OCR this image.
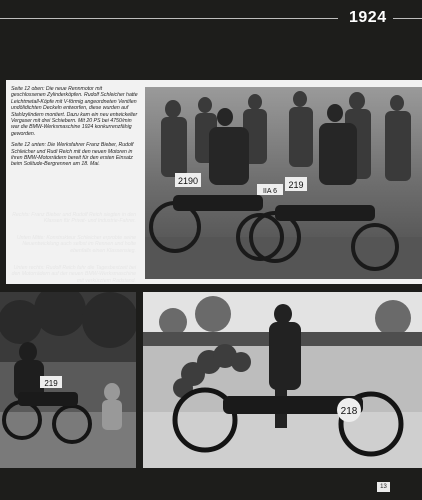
1924

Seite 12 oben: Die neue Rennmotor mit geschlossenen Zylinderköpfen. Rudolf Schleicher hatte Leichtmetall-Köpfe mit V-förmig angeordneten Ventilen undölidichten Deckeln entworfen, diese wurden auf Stahlzylindern montiert. Dazu kam ein neu entwickelter Vergaser mit drei Schiebern. Mit 20 PS bei 4750/min war die BMW-Werksmaschine 1924 konkurrenzfähig geworden.

Seite 12 unten: Die Werksfahrer Franz Bieber, Rudolf Schleicher und Rudi Reich mit den neuen Motoren in ihren BMW-Motorrädern bereit für den ersten Einsatz beim Solitude-Bergrennen am 18. Mai.

2190
IIA 6
219
Rechts: Franz Bieber und Rudolf Reich siegten in den Klassen für Privat- und Industrie-Fahrer.
Unten Mitte: Konstrukteur Schleicher erprobte seine Neuentwicklung auch selbst im Rennen und holte ebenfalls einen Klassensieg.
Unten rechts: Rudolf Reich fuhr die Tagesbestzeit bei den Motorrädern auf der neuen BMW-Werksmaschine mit verkürztem Radstand.
219
218
13
